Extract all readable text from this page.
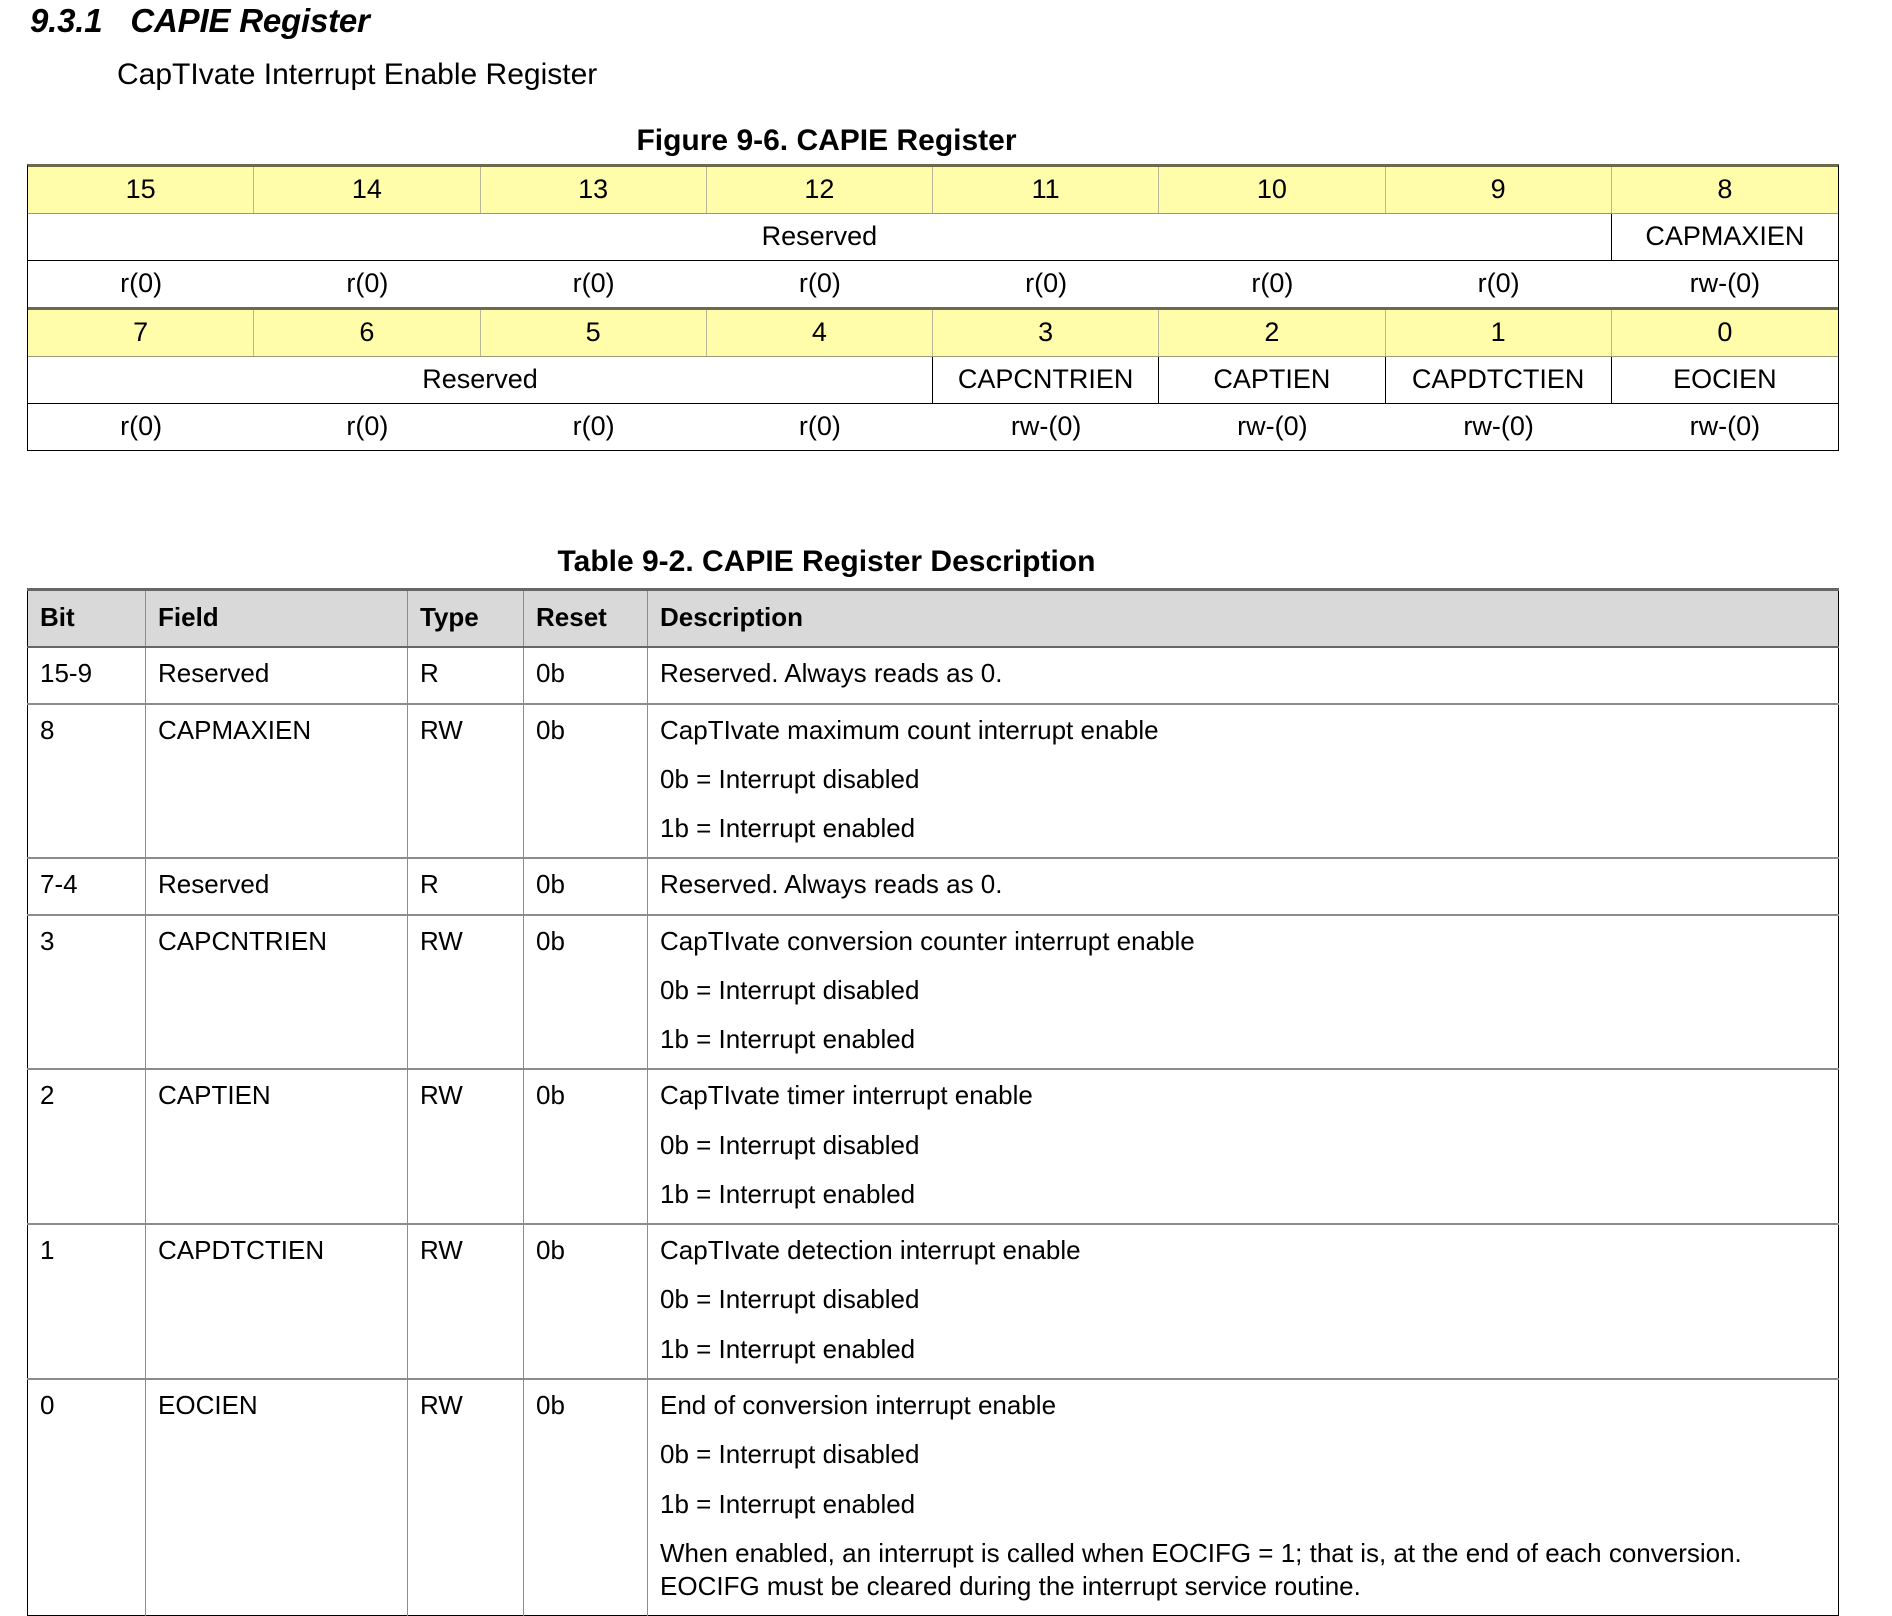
9.3.1 CAPIE Register
CapTIvate Interrupt Enable Register
Figure 9-6. CAPIE Register
15	14	13	12	11	10	9	8
Reserved	CAPMAXIEN
r(0)	r(0)	r(0)	r(0)	r(0)	r(0)	r(0)	rw-(0)
7	6	5	4	3	2	1	0
Reserved	CAPCNTRIEN	CAPTIEN	CAPDTCTIEN	EOCIEN
r(0)	r(0)	r(0)	r(0)	rw-(0)	rw-(0)	rw-(0)	rw-(0)
Table 9-2. CAPIE Register Description
Bit	Field	Type	Reset	Description
15-9	Reserved	R	0b	Reserved. Always reads as 0.

8	CAPMAXIEN	RW	0b	CapTIvate maximum count interrupt enable
0b = Interrupt disabled
1b = Interrupt enabled

7-4	Reserved	R	0b	Reserved. Always reads as 0.

3	CAPCNTRIEN	RW	0b	CapTIvate conversion counter interrupt enable
0b = Interrupt disabled
1b = Interrupt enabled

2	CAPTIEN	RW	0b	CapTIvate timer interrupt enable
0b = Interrupt disabled
1b = Interrupt enabled

1	CAPDTCTIEN	RW	0b	CapTIvate detection interrupt enable
0b = Interrupt disabled
1b = Interrupt enabled

0	EOCIEN	RW	0b	End of conversion interrupt enable
0b = Interrupt disabled
1b = Interrupt enabled
When enabled, an interrupt is called when EOCIFG = 1; that is, at the end of each conversion. EOCIFG must be cleared during the interrupt service routine.
